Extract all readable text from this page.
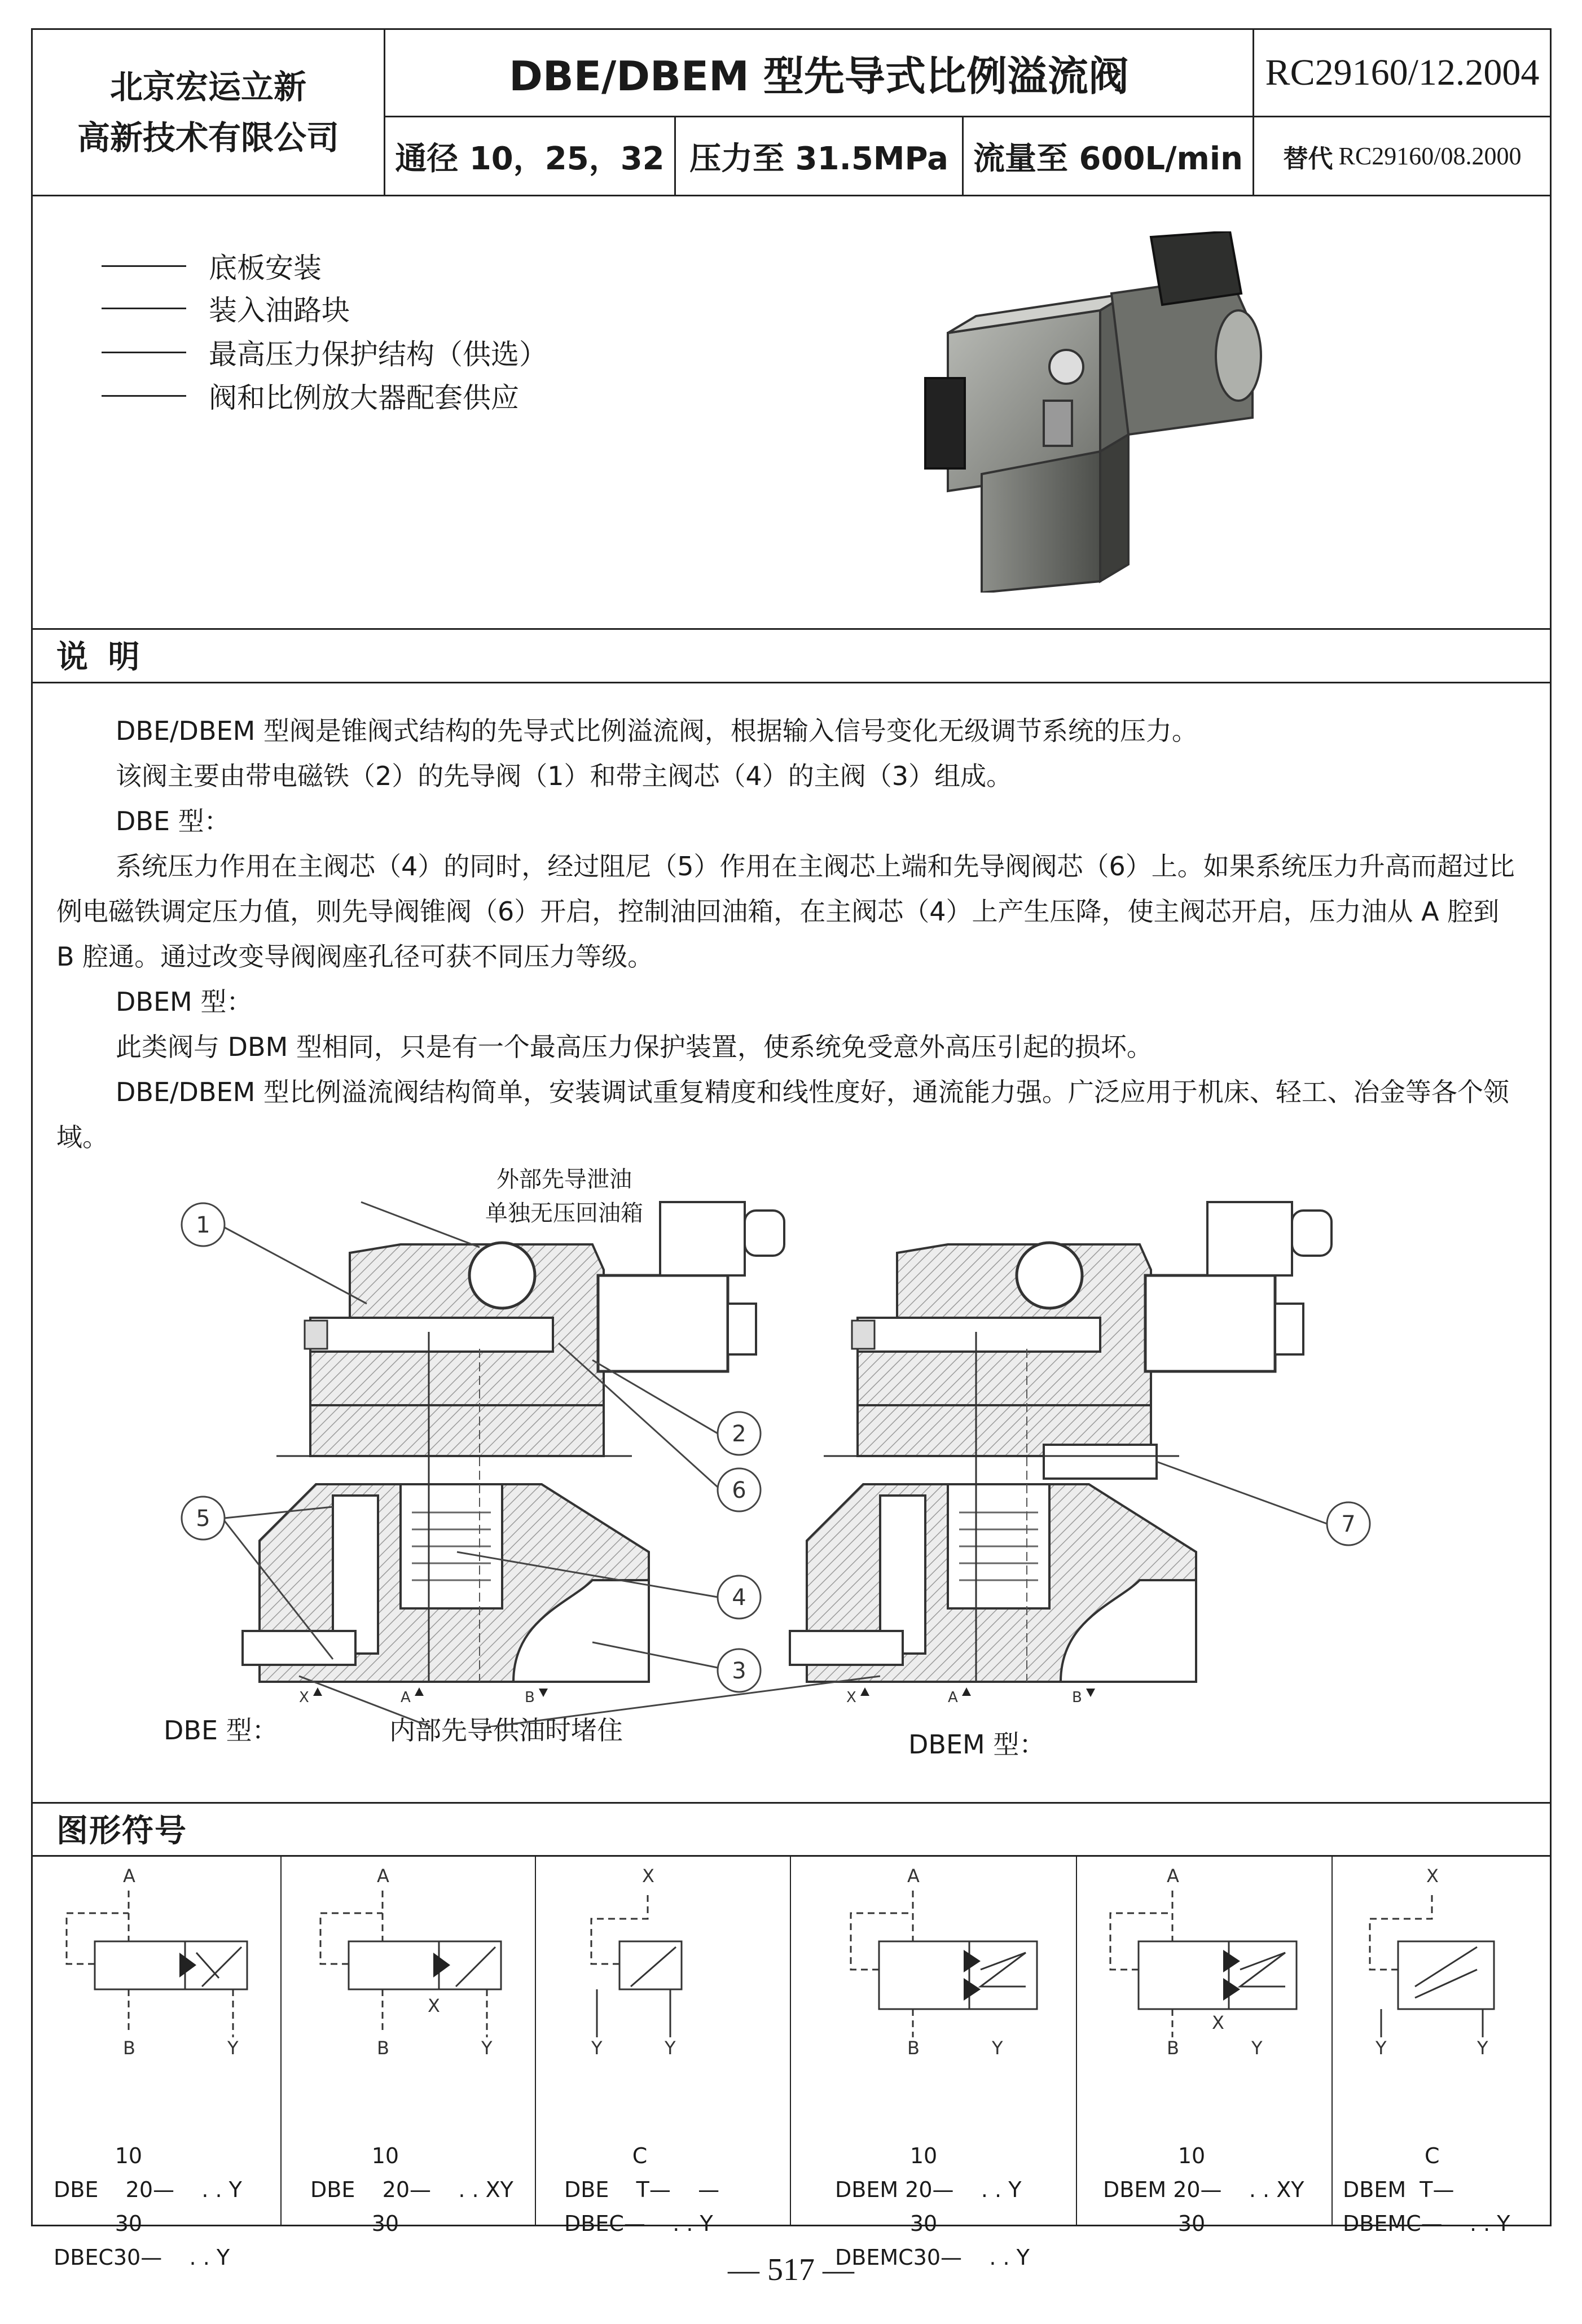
北京宏运立新
高新技术有限公司
DBE/DBEM 型先导式比例溢流阀	RC29160/12.2004
通径 10，25，32 压力至 31.5MPa 流量至 600L/min 替代 RC29160/08.2000
底板安装
装入油路块
最高压力保护结构（供选）
阀和比例放大器配套供应
说 明

DBE/DBEM 型阀是锥阀式结构的先导式比例溢流阀，根据输入信号变化无级调节系统的压力。

该阀主要由带电磁铁（2）的先导阀（1）和带主阀芯（4）的主阀（3）组成。

DBE 型：

系统压力作用在主阀芯（4）的同时，经过阻尼（5）作用在主阀芯上端和先导阀阀芯（6）上。如果系统压力升高而超过比例电磁铁调定压力值，则先导阀锥阀（6）开启，控制油回油箱，在主阀芯（4）上产生压降，使主阀芯开启，压力油从 A 腔到 B 腔通。通过改变导阀阀座孔径可获不同压力等级。

DBEM 型：

此类阀与 DBM 型相同，只是有一个最高压力保护装置，使系统免受意外高压引起的损坏。

DBE/DBEM 型比例溢流阀结构简单，安装调试重复精度和线性度好，通流能力强。广泛应用于机床、轻工、冶金等各个领域。

外部先导泄油
单独无压回油箱
DBE 型：	内部先导供油时堵住	DBEM 型：
1
2
6
5
4
3
7
X	A	B	X	A	B
图形符号
A
B	Y
A
B	Y
X
X
Y	Y
A
B	Y
A
B	Y
X
X
Y	Y

10
DBE    20—    . . Y
30
DBEC30—    . . Y

10
DBE    20—    . . XY
30

C
DBE    T—    —
DBEC—    . . Y

10
DBEM 20—    . . Y
30
DBEMC30—    . . Y

10
DBEM 20—    . . XY
30

C
DBEM  T—
DBEMC—    . . Y

— 517 —
